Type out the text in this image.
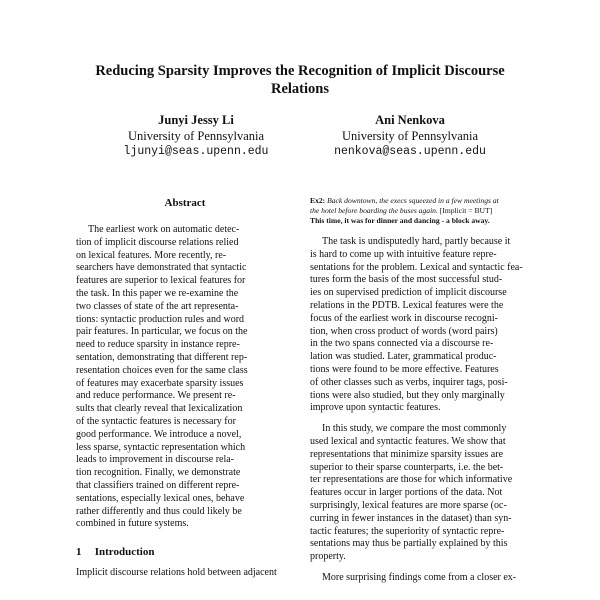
Reducing Sparsity Improves the Recognition of Implicit Discourse
Relations
Junyi Jessy Li
University of Pennsylvania
ljunyi@seas.upenn.edu
Ani Nenkova
University of Pennsylvania
nenkova@seas.upenn.edu
Abstract
The earliest work on automatic detec-
tion of implicit discourse relations relied
on lexical features. More recently, re-
searchers have demonstrated that syntactic
features are superior to lexical features for
the task. In this paper we re-examine the
two classes of state of the art representa-
tions: syntactic production rules and word
pair features. In particular, we focus on the
need to reduce sparsity in instance repre-
sentation, demonstrating that different rep-
resentation choices even for the same class
of features may exacerbate sparsity issues
and reduce performance. We present re-
sults that clearly reveal that lexicalization
of the syntactic features is necessary for
good performance. We introduce a novel,
less sparse, syntactic representation which
leads to improvement in discourse rela-
tion recognition. Finally, we demonstrate
that classifiers trained on different repre-
sentations, especially lexical ones, behave
rather differently and thus could likely be
combined in future systems.
1 Introduction
Implicit discourse relations hold between adjacent
Ex2: Back downtown, the execs squeezed in a few meetings at
the hotel before boarding the buses again. [Implicit = BUT]
This time, it was for dinner and dancing - a block away.
The task is undisputedly hard, partly because it
is hard to come up with intuitive feature repre-
sentations for the problem. Lexical and syntactic fea-
tures form the basis of the most successful stud-
ies on supervised prediction of implicit discourse
relations in the PDTB. Lexical features were the
focus of the earliest work in discourse recogni-
tion, when cross product of words (word pairs)
in the two spans connected via a discourse re-
lation was studied. Later, grammatical produc-
tions were found to be more effective. Features
of other classes such as verbs, inquirer tags, posi-
tions were also studied, but they only marginally
improve upon syntactic features.
In this study, we compare the most commonly
used lexical and syntactic features. We show that
representations that minimize sparsity issues are
superior to their sparse counterparts, i.e. the bet-
ter representations are those for which informative
features occur in larger portions of the data. Not
surprisingly, lexical features are more sparse (oc-
curring in fewer instances in the dataset) than syn-
tactic features; the superiority of syntactic repre-
sentations may thus be partially explained by this
property.
More surprising findings come from a closer ex-
